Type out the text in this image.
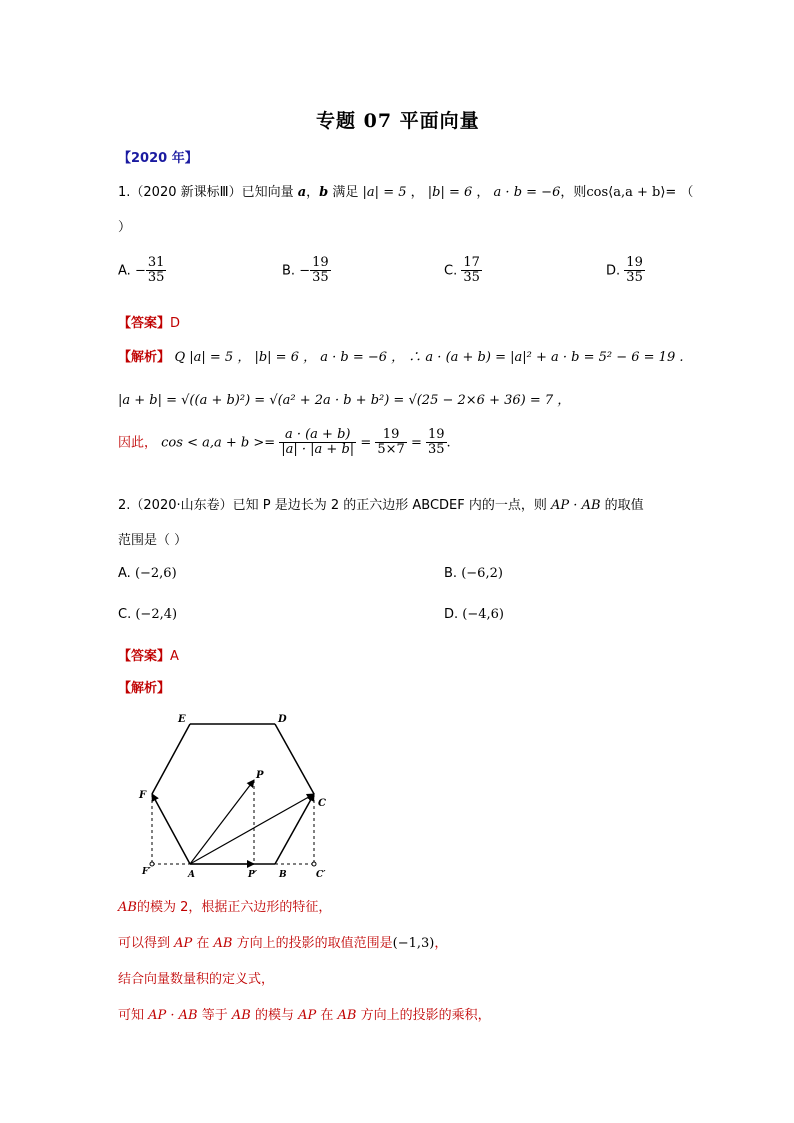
专题 07 平面向量
【2020 年】
1.（2020 新课标Ⅲ）已知向量 a，b 满足 |a| = 5 ， |b| = 6 ， a · b = −6，则cos⟨a,a + b⟩= （
）
A. − $\frac{31}{35}$	B. − $\frac{19}{35}$	C. $\frac{17}{35}$	D. $\frac{19}{35}$
【答案】D
【解析】 Q |a| = 5 ， |b| = 6 ， a · b = −6 ， ∴ a · (a + b) = |a|² + a · b = 5² − 6 = 19 .
|a + b| = √((a + b)²) = √(a² + 2a · b + b²) = √(25 − 2×6 + 36) = 7 ，
因此， $\cos < a,a + b >= \frac{a \cdot (a + b)}{|a| \cdot |a + b|} = \frac{19}{5\times 7} = \frac{19}{35}$ .
2.（2020·山东卷）已知 P 是边长为 2 的正六边形 ABCDEF 内的一点，则 AP · AB 的取值
范围是（ ）
A. (−2,6)	B. (−6,2)
C. (−2,4)	D. (−4,6)
【答案】A
【解析】
E	D
F
C
P
A	P′ B
F′	C′
AB的模为 2，根据正六边形的特征，
可以得到 AP 在 AB 方向上的投影的取值范围是(−1,3)，
结合向量数量积的定义式，
可知 AP · AB 等于 AB 的模与 AP 在 AB 方向上的投影的乘积，
